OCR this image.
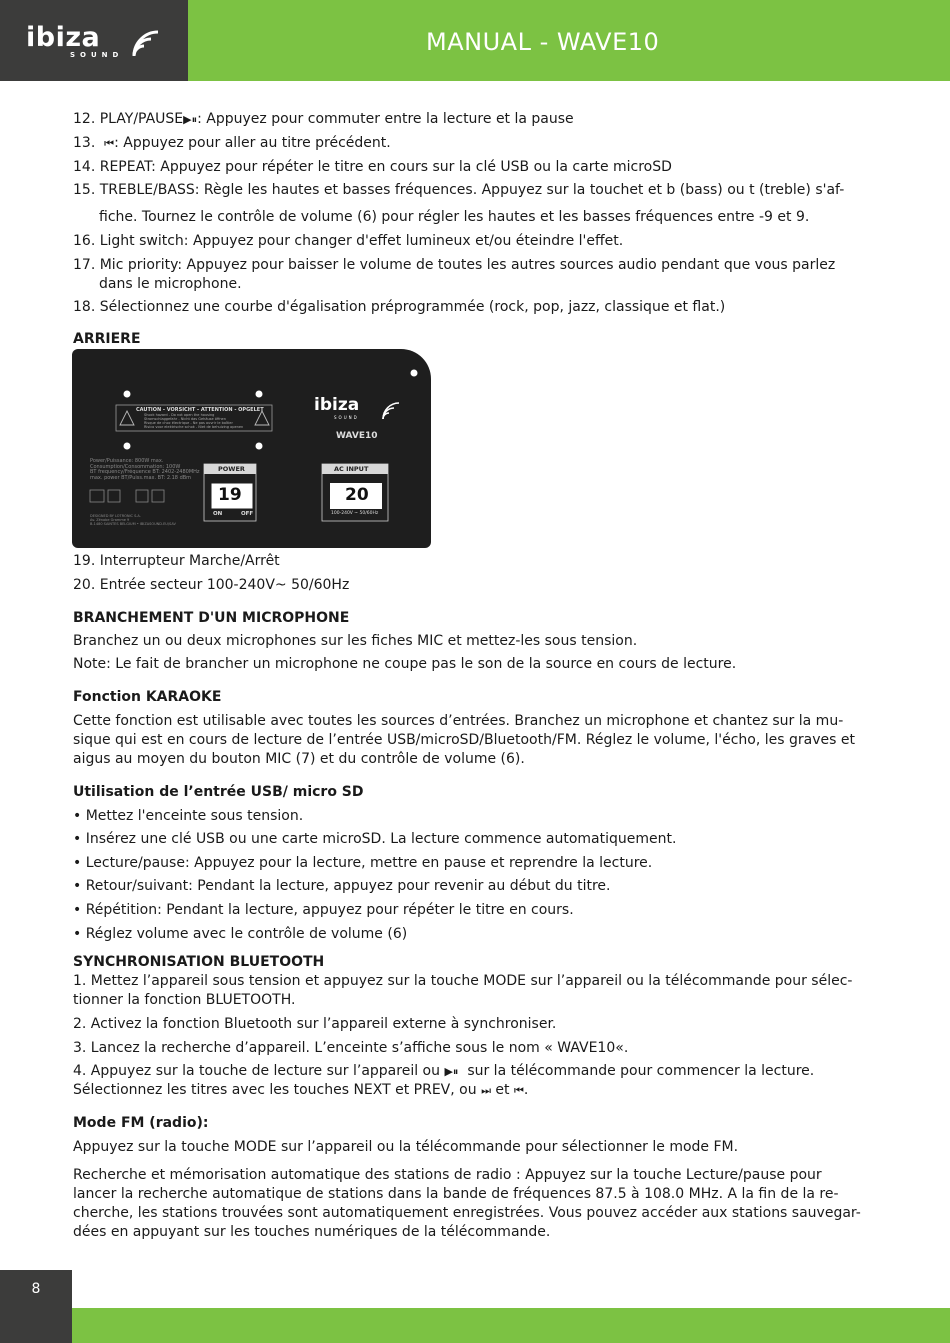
ibiza
SOUND	MANUAL - WAVE10
12. PLAY/PAUSE▶⏸: Appuyez pour commuter entre la lecture et la pause
13. ⏮: Appuyez pour aller au titre précédent.
14. REPEAT: Appuyez pour répéter le titre en cours sur la clé USB ou la carte microSD
15. TREBLE/BASS: Règle les hautes et basses fréquences. Appuyez sur la touchet et b (bass) ou t (treble) s'af-
fiche. Tournez le contrôle de volume (6) pour régler les hautes et les basses fréquences entre -9 et 9.
16. Light switch: Appuyez pour changer d'effet lumineux et/ou éteindre l'effet.
17. Mic priority: Appuyez pour baisser le volume de toutes les autres sources audio pendant que vous parlez
dans le microphone.
18. Sélectionnez une courbe d'égalisation préprogrammée (rock, pop, jazz, classique et flat.)
ARRIERE
CAUTION - VORSICHT - ATTENTION - OPGELET
Shock hazard - Do not open the housing
Stromschlaggefahr - Nicht das Gehäuse öffnen
Risque de choc électrique - Ne pas ouvrir le boîtier
Risico voor elektrische schok - Niet de behuizing openen
ibiza
SOUND
WAVE10
Power/Puissance: 800W max.
Consumption/Consommation: 100W
BT frequency/Fréquence BT: 2402-2480MHz
max. power BT/Puiss.max. BT: 2.18 dBm
POWER
19
ON	OFF
AC INPUT
20
100-240V ~ 50/60Hz
DESIGNED BY LOTRONIC S.A.
Av. Zénobe Gramme 9
B-1480 SAINTES BELGIUM • IBIZASOUND.EU/SAV
19. Interrupteur Marche/Arrêt
20. Entrée secteur 100-240V~ 50/60Hz
BRANCHEMENT D'UN MICROPHONE
Branchez un ou deux microphones sur les fiches MIC et mettez-les sous tension.
Note: Le fait de brancher un microphone ne coupe pas le son de la source en cours de lecture.
Fonction KARAOKE
Cette fonction est utilisable avec toutes les sources d’entrées. Branchez un microphone et chantez sur la mu-
sique qui est en cours de lecture de l’entrée USB/microSD/Bluetooth/FM. Réglez le volume, l'écho, les graves et
aigus au moyen du bouton MIC (7) et du contrôle de volume (6).
Utilisation de l’entrée USB/ micro SD
• Mettez l'enceinte sous tension.
• Insérez une clé USB ou une carte microSD. La lecture commence automatiquement.
• Lecture/pause: Appuyez pour la lecture, mettre en pause et reprendre la lecture.
• Retour/suivant: Pendant la lecture, appuyez pour revenir au début du titre.
• Répétition: Pendant la lecture, appuyez pour répéter le titre en cours.
• Réglez volume avec le contrôle de volume (6)
SYNCHRONISATION BLUETOOTH
1. Mettez l’appareil sous tension et appuyez sur la touche MODE sur l’appareil ou la télécommande pour sélec-
tionner la fonction BLUETOOTH.
2. Activez la fonction Bluetooth sur l’appareil externe à synchroniser.
3. Lancez la recherche d’appareil. L’enceinte s’affiche sous le nom « WAVE10«.
4. Appuyez sur la touche de lecture sur l’appareil ou ▶⏸ sur la télécommande pour commencer la lecture.
Sélectionnez les titres avec les touches NEXT et PREV, ou ⏭ et ⏮.
Mode FM (radio):
Appuyez sur la touche MODE sur l’appareil ou la télécommande pour sélectionner le mode FM.
Recherche et mémorisation automatique des stations de radio : Appuyez sur la touche Lecture/pause pour
lancer la recherche automatique de stations dans la bande de fréquences 87.5 à 108.0 MHz. A la fin de la re-
cherche, les stations trouvées sont automatiquement enregistrées. Vous pouvez accéder aux stations sauvegar-
dées en appuyant sur les touches numériques de la télécommande.
8
